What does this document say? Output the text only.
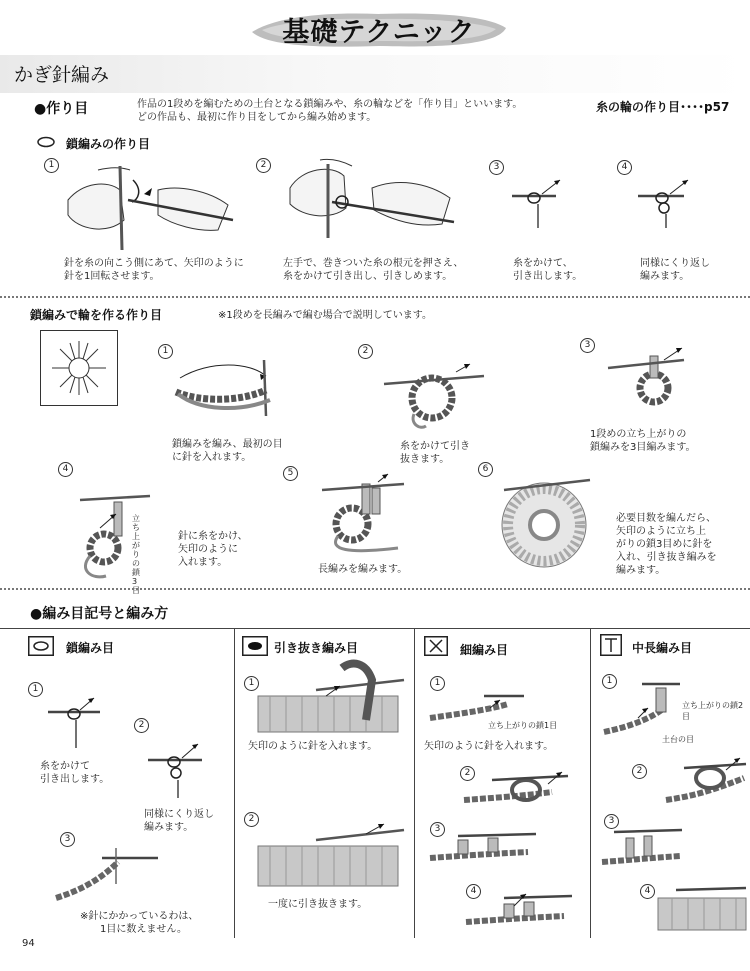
基礎テクニック
かぎ針編み
●作り目	作品の1段めを編むための土台となる鎖編みや、糸の輪などを「作り目」といいます。
どの作品も、最初に作り目をしてから編み始めます。
糸の輪の作り目････p57
鎖編みの作り目
1	2	3	4
針を糸の向こう側にあて、矢印のように
針を1回転させます。
左手で、巻きついた糸の根元を押さえ、
糸をかけて引き出し、引きしめます。
糸をかけて、
引き出します。
同様にくり返し
編みます。
鎖編みで輪を作る作り目	※1段めを長編みで編む場合で説明しています。
1	2
3
4	5	6
立ち上がりの鎖3目
鎖編みを編み、最初の目
に針を入れます。
糸をかけて引き
抜きます。
1段めの立ち上がりの
鎖編みを3目編みます。
針に糸をかけ、
矢印のように
入れます。
長編みを編みます。
必要目数を編んだら、
矢印のように立ち上
がりの鎖3目めに針を
入れ、引き抜き編みを
編みます。
●編み目記号と編み方
鎖編み目	引き抜き編み目	細編み目	中長編み目
1
糸をかけて
引き出します。
2
同様にくり返し
編みます。
3
※針にかかっているわは、
1目に数えません。
1
矢印のように針を入れます。
2
一度に引き抜きます。
1
立ち上がりの鎖1目
矢印のように針を入れます。
2
3
4
1
立ち上がりの鎖2目
土台の目
2
3
4
94
